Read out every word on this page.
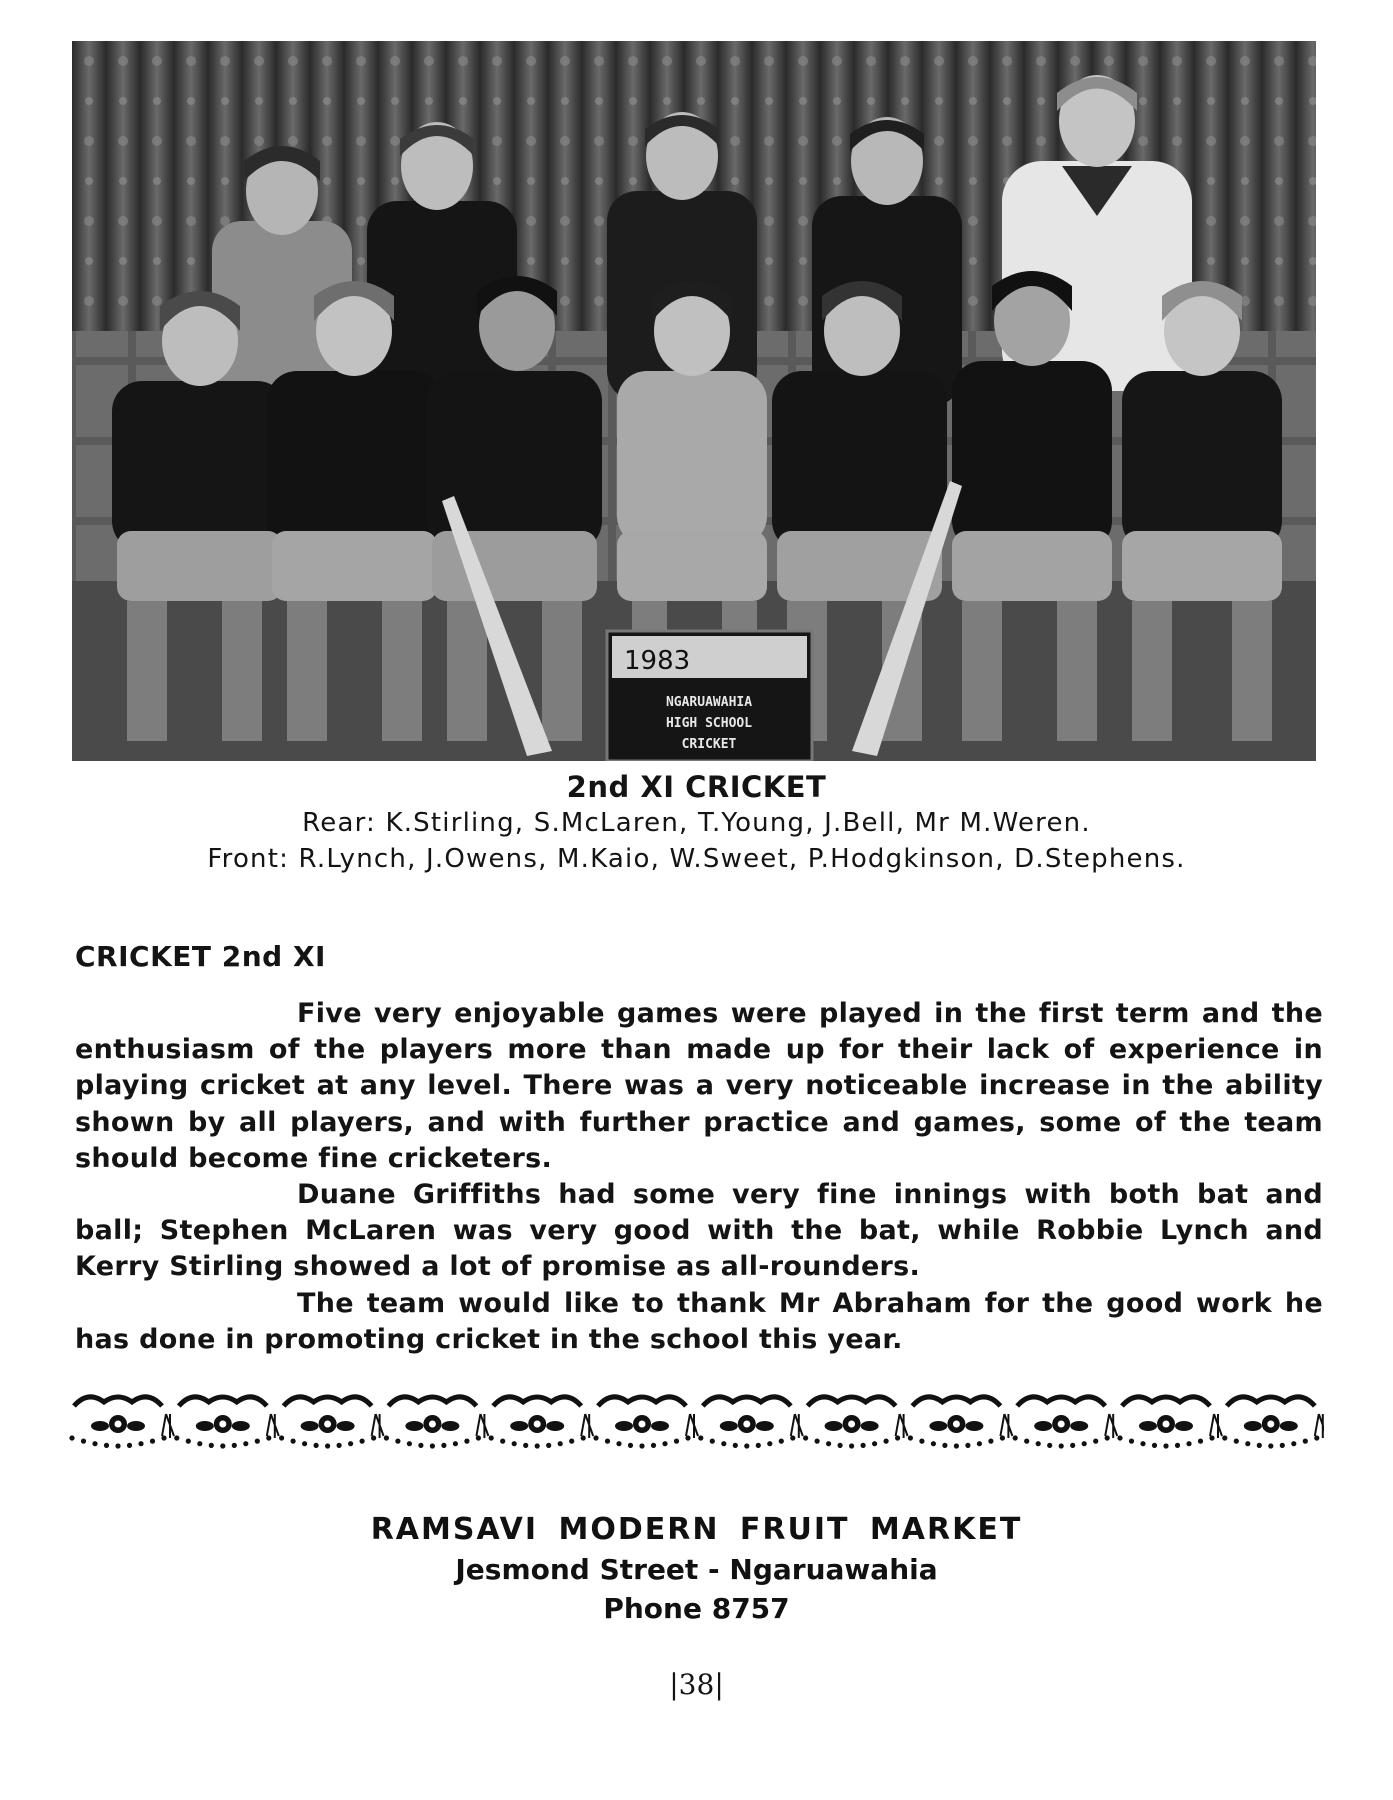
1983
NGARUAWAHIA
HIGH SCHOOL
CRICKET
2nd XI CRICKET
Rear: K.Stirling, S.McLaren, T.Young, J.Bell, Mr M.Weren.
Front: R.Lynch, J.Owens, M.Kaio, W.Sweet, P.Hodgkinson, D.Stephens.
CRICKET 2nd XI

Five very enjoyable games were played in the first term and the enthusiasm of the players more than made up for their lack of experience in playing cricket at any level. There was a very noticeable increase in the ability shown by all players, and with further practice and games, some of the team should become fine cricketers.

Duane Griffiths had some very fine innings with both bat and ball; Stephen McLaren was very good with the bat, while Robbie Lynch and Kerry Stirling showed a lot of promise as all-rounders.

The team would like to thank Mr Abraham for the good work he has done in promoting cricket in the school this year.

RAMSAVI MODERN FRUIT MARKET
Jesmond Street - Ngaruawahia
Phone 8757
|38|
